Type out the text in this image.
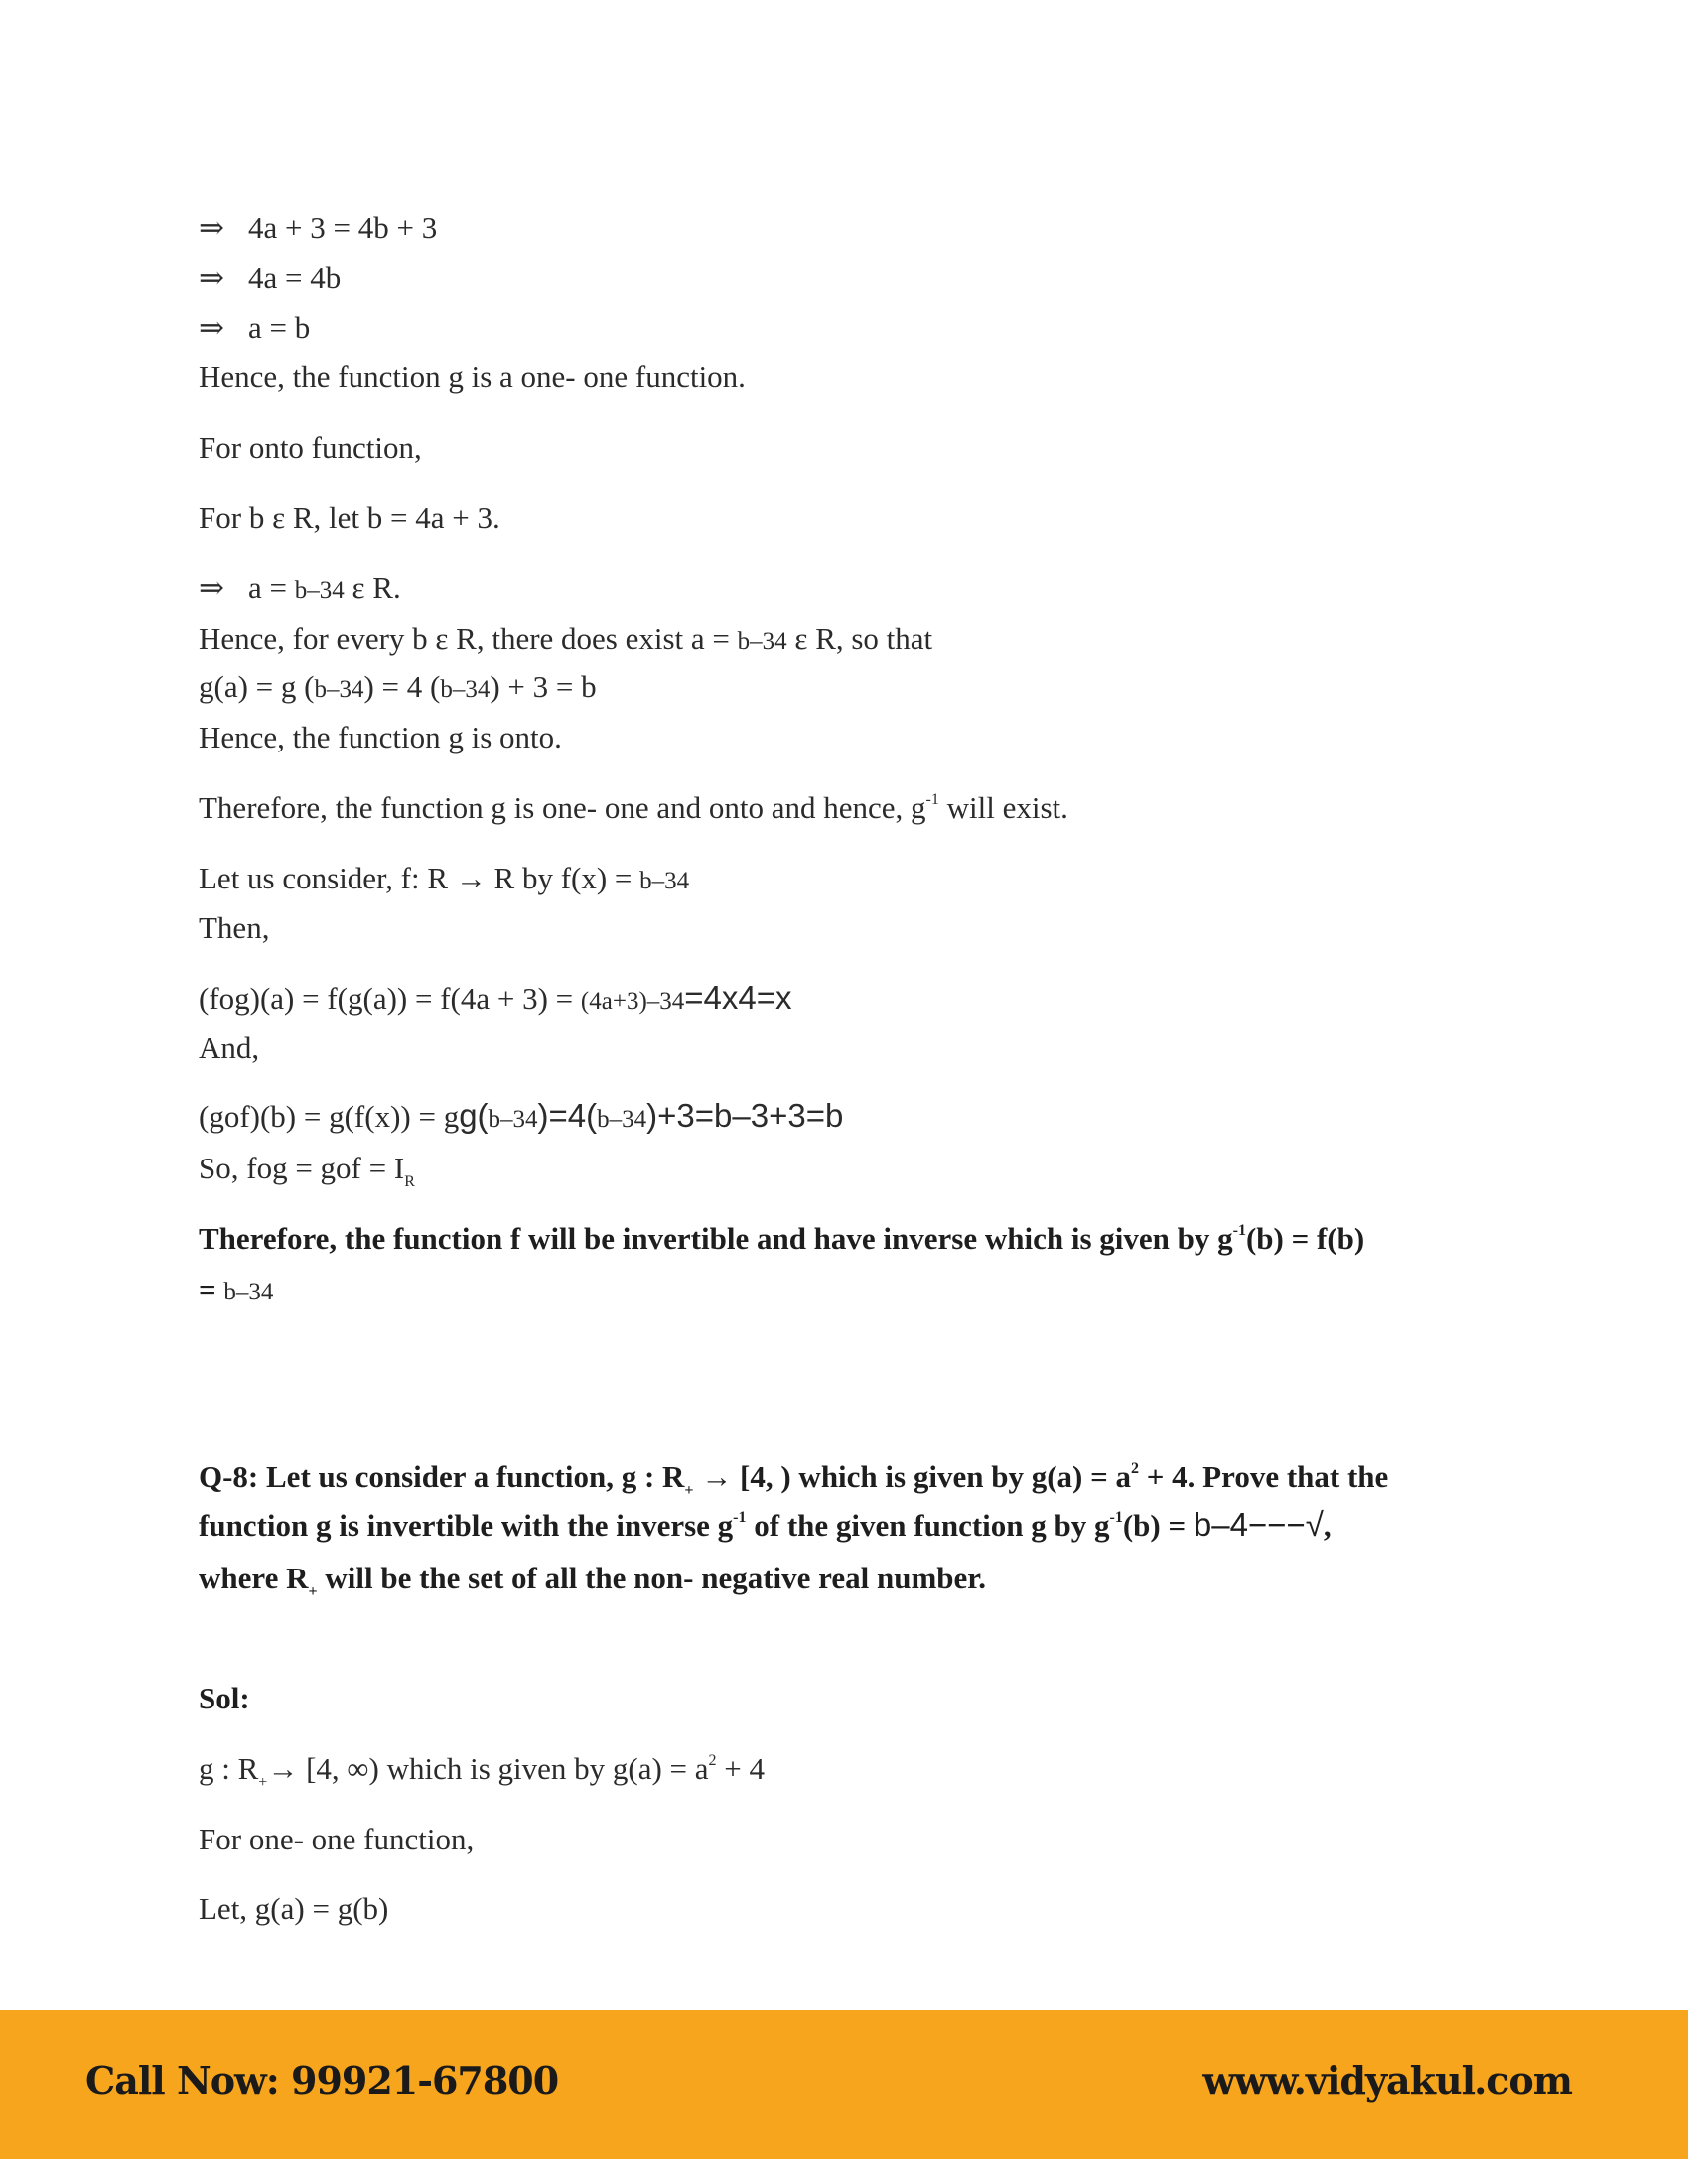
⇒ 4a + 3 = 4b + 3
⇒ 4a = 4b
⇒ a = b
Hence, the function g is a one- one function.
For onto function,
For b ε R, let b = 4a + 3.
⇒ a = b–34 ε R.
Hence, for every b ε R, there does exist a = b–34 ε R, so that
g(a) = g (b–34) = 4 (b–34) + 3 = b
Hence, the function g is onto.
Therefore, the function g is one- one and onto and hence, $g^{-1}$ will exist.
Let us consider, f: R → R by f(x) = b–34
Then,
(fog)(a) = f(g(a)) = f(4a + 3) = (4a+3)–34=4x4=x
And,
(gof)(b) = g(f(x)) = gg(b–34)=4(b–34)+3=b–3+3=b
So, fog = gof = $I_R$
Therefore, the function f will be invertible and have inverse which is given by $g^{-1}(b) = f(b)$
= b–34
Q-8: Let us consider a function, g : $R_+ \to [4$, ) which is given by $g(a) = a^2 + 4$. Prove that the
function g is invertible with the inverse $g^{-1}$ of the given function g by $g^{-1}(b) = b-4---√$,
where $R_+$ will be the set of all the non- negative real number.
Sol:
g : $R_+\to [4$, ∞) which is given by $g(a) = a^2 + 4$
For one- one function,
Let, g(a) = g(b)
Call Now: 99921-67800	www.vidyakul.com
